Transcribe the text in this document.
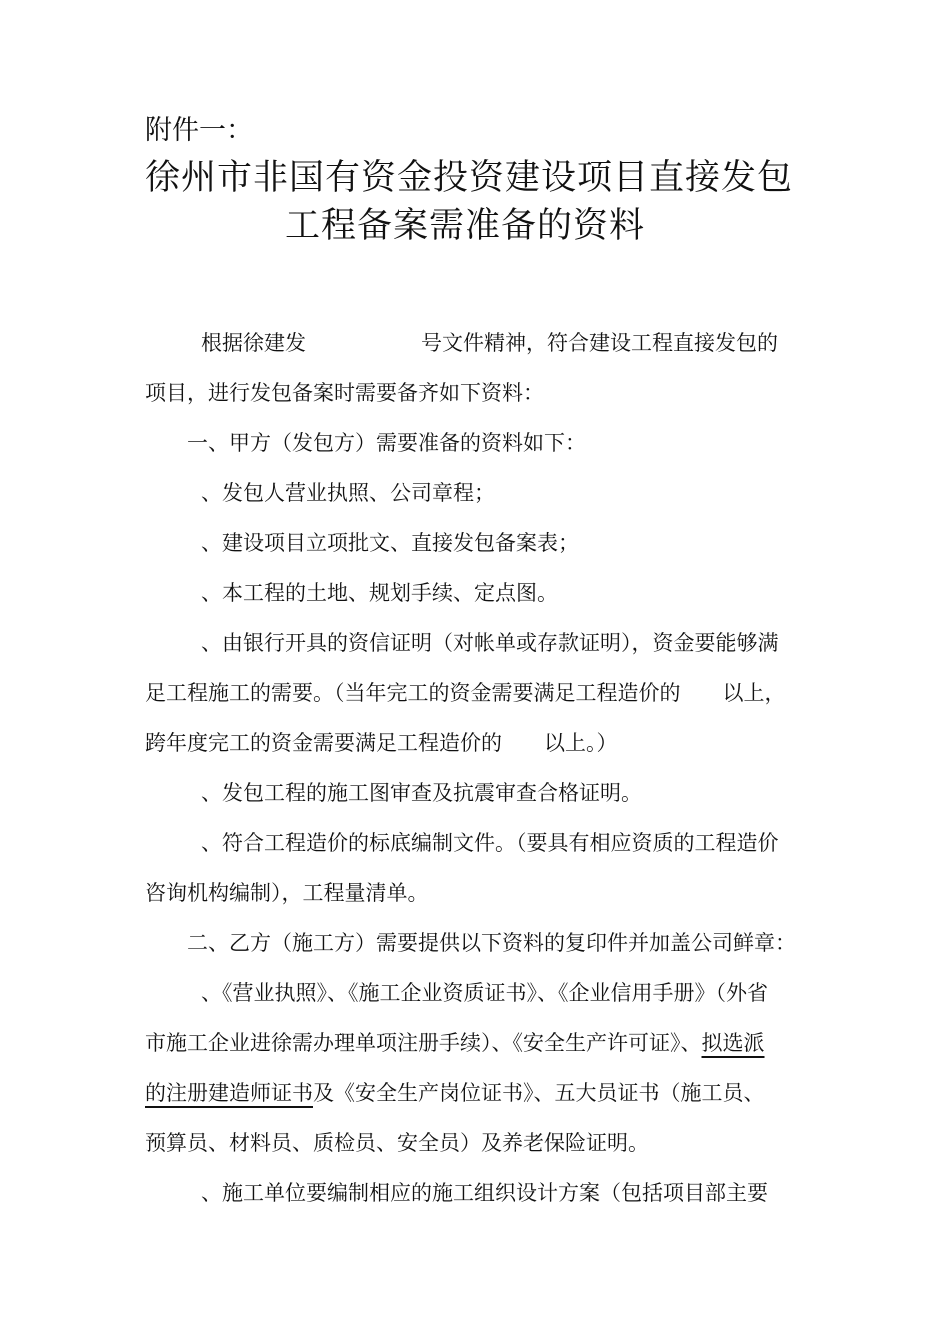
附件一：
徐州市非国有资金投资建设项目直接发包
工程备案需准备的资料

根据徐建发	号文件精神，符合建设工程直接发包的

项目，进行发包备案时需要备齐如下资料：

一、甲方（发包方）需要准备的资料如下：

、发包人营业执照、公司章程；

、建设项目立项批文、直接发包备案表；

、本工程的土地、规划手续、定点图。

、由银行开具的资信证明（对帐单或存款证明），资金要能够满

足工程施工的需要。（当年完工的资金需要满足工程造价的 以上，

跨年度完工的资金需要满足工程造价的 以上。）

、发包工程的施工图审查及抗震审查合格证明。

、符合工程造价的标底编制文件。（要具有相应资质的工程造价

咨询机构编制），工程量清单。

二、乙方（施工方）需要提供以下资料的复印件并加盖公司鲜章：

、《营业执照》、《施工企业资质证书》、《企业信用手册》（外省

市施工企业进徐需办理单项注册手续）、《安全生产许可证》、拟选派

的注册建造师证书及《安全生产岗位证书》、五大员证书（施工员、

预算员、材料员、质检员、安全员）及养老保险证明。

、施工单位要编制相应的施工组织设计方案（包括项目部主要
